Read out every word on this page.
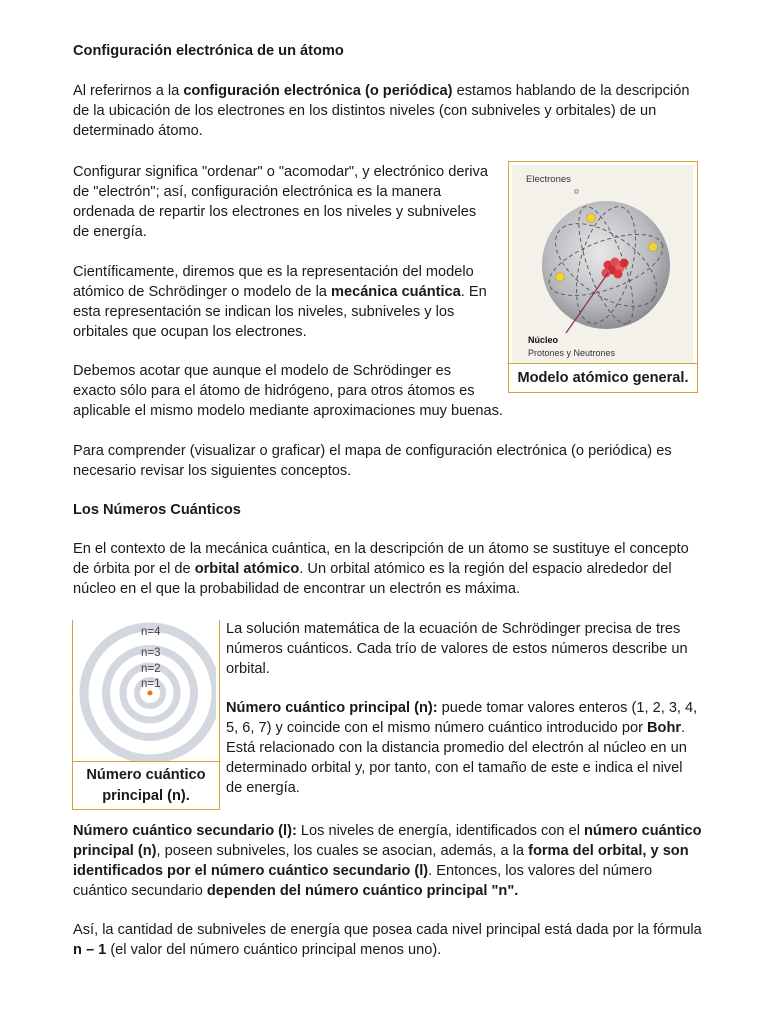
Configuración electrónica de un átomo

Al referirnos a la configuración electrónica (o periódica) estamos hablando de la descripción de la ubicación de los electrones en los distintos niveles (con subniveles y orbitales) de un determinado átomo.

Configurar significa "ordenar" o "acomodar", y electrónico deriva de "electrón"; así, configuración electrónica es la manera ordenada de repartir los electrones en los niveles y subniveles de energía.

Científicamente, diremos que es la representación del modelo atómico de Schrödinger o modelo de la mecánica cuántica. En esta representación se indican los niveles, subniveles y los orbitales que ocupan los electrones.

Debemos acotar que aunque el modelo de Schrödinger es
exacto sólo para el átomo de hidrógeno, para otros átomos es
aplicable el mismo modelo mediante aproximaciones muy buenas.

Para comprender (visualizar o graficar) el mapa de configuración electrónica (o periódica) es necesario revisar los siguientes conceptos.

Los Números Cuánticos

En el contexto de la mecánica cuántica, en la descripción de un átomo se sustituye el concepto de órbita por el de orbital atómico. Un orbital atómico es la región del espacio alrededor del núcleo en el que la probabilidad de encontrar un electrón es máxima.

La solución matemática de la ecuación de Schrödinger precisa de tres números cuánticos. Cada trío de valores de estos números describe un orbital.

Número cuántico principal (n): puede tomar valores enteros (1, 2, 3, 4, 5, 6, 7) y coincide con el mismo número cuántico introducido por Bohr. Está relacionado con la distancia promedio del electrón al núcleo en un determinado orbital y, por tanto, con el tamaño de este e indica el nivel de energía.

Número cuántico secundario (l): Los niveles de energía, identificados con el número cuántico principal (n), poseen subniveles, los cuales se asocian, además, a la forma del orbital, y son identificados por el número cuántico secundario (l). Entonces, los valores del número cuántico secundario dependen del número cuántico principal "n".

Así, la cantidad de subniveles de energía que posea cada nivel principal está dada por la fórmula n – 1 (el valor del número cuántico principal menos uno).

Electrones
Núcleo
Protones y Neutrones
Modelo atómico general.
n=4
n=3
n=2
n=1
Número cuántico
principal (n).
